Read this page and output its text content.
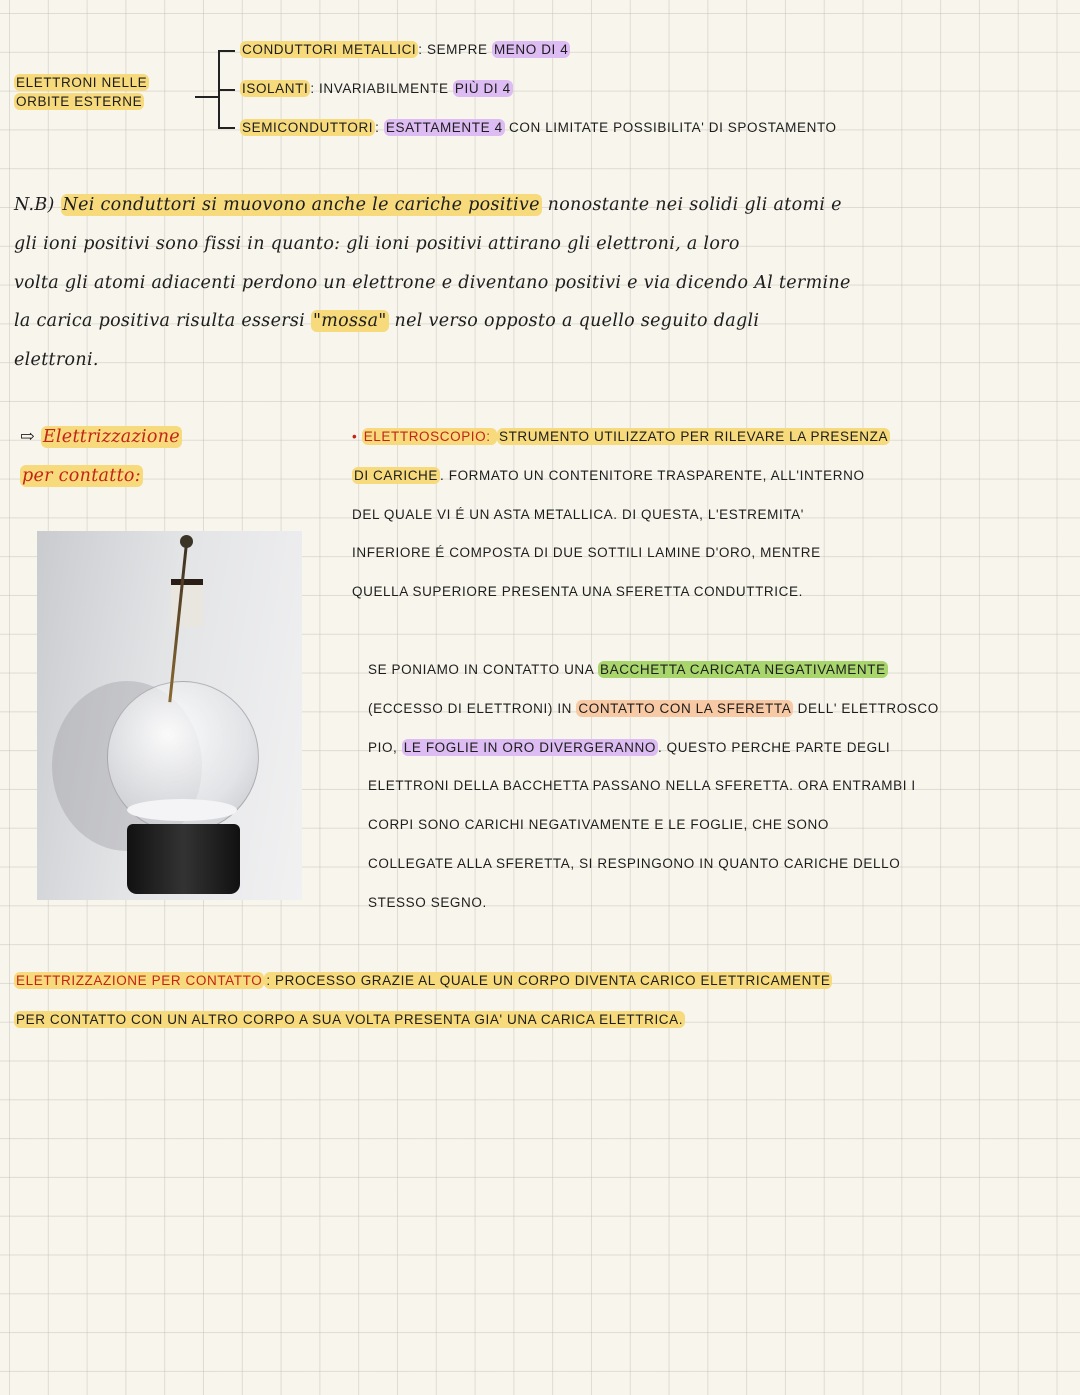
ELETTRONI NELLE
ORBITE ESTERNE
CONDUTTORI METALLICI : SEMPRE MENO DI 4
ISOLANTI : INVARIABILMENTE PIÙ DI 4
SEMICONDUTTORI : ESATTAMENTE 4 CON LIMITATE POSSIBILITA' DI SPOSTAMENTO
N.B) Nei conduttori si muovono anche le cariche positive nonostante nei solidi gli atomi e
gli ioni positivi sono fissi in quanto: gli ioni positivi attirano gli elettroni, a loro
volta gli atomi adiacenti perdono un elettrone e diventano positivi e via dicendo Al termine
la carica positiva risulta essersi "mossa" nel verso opposto a quello seguito dagli
elettroni.
⇨ Elettrizzazione
per contatto:
• ELETTROSCOPIO: STRUMENTO UTILIZZATO PER RILEVARE LA PRESENZA
DI CARICHE . FORMATO UN CONTENITORE TRASPARENTE, ALL'INTERNO
DEL QUALE VI É UN ASTA METALLICA. DI QUESTA, L'ESTREMITA'
INFERIORE É COMPOSTA DI DUE SOTTILI LAMINE D'ORO, MENTRE
QUELLA SUPERIORE PRESENTA UNA SFERETTA CONDUTTRICE.
SE PONIAMO IN CONTATTO UNA BACCHETTA CARICATA NEGATIVAMENTE
(ECCESSO DI ELETTRONI) IN CONTATTO CON LA SFERETTA DELL' ELETTROSCO
PIO, LE FOGLIE IN ORO DIVERGERANNO . QUESTO PERCHE PARTE DEGLI
ELETTRONI DELLA BACCHETTA PASSANO NELLA SFERETTA. ORA ENTRAMBI I
CORPI SONO CARICHI NEGATIVAMENTE E LE FOGLIE, CHE SONO
COLLEGATE ALLA SFERETTA, SI RESPINGONO IN QUANTO CARICHE DELLO
STESSO SEGNO.
ELETTRIZZAZIONE PER CONTATTO : PROCESSO GRAZIE AL QUALE UN CORPO DIVENTA CARICO ELETTRICAMENTE
PER CONTATTO CON UN ALTRO CORPO A SUA VOLTA PRESENTA GIA' UNA CARICA ELETTRICA.
